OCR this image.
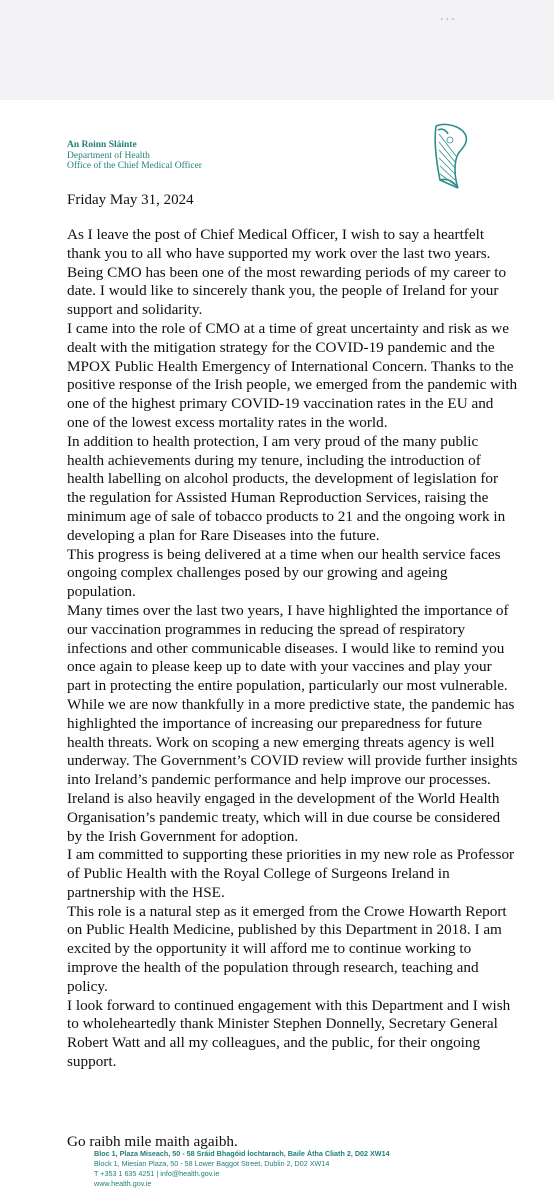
···
An Roinn Sláinte
Department of Health
Office of the Chief Medical Officer
Friday May 31, 2024

As I leave the post of Chief Medical Officer, I wish to say a heartfelt thank you to all who have supported my work over the last two years. Being CMO has been one of the most rewarding periods of my career to date. I would like to sincerely thank you, the people of Ireland for your support and solidarity.

I came into the role of CMO at a time of great uncertainty and risk as we dealt with the mitigation strategy for the COVID-19 pandemic and the MPOX Public Health Emergency of International Concern. Thanks to the positive response of the Irish people, we emerged from the pandemic with one of the highest primary COVID-19 vaccination rates in the EU and one of the lowest excess mortality rates in the world.

In addition to health protection, I am very proud of the many public health achievements during my tenure, including the introduction of health labelling on alcohol products, the development of legislation for the regulation for Assisted Human Reproduction Services, raising the minimum age of sale of tobacco products to 21 and the ongoing work in developing a plan for Rare Diseases into the future.

This progress is being delivered at a time when our health service faces ongoing complex challenges posed by our growing and ageing population.

Many times over the last two years, I have highlighted the importance of our vaccination programmes in reducing the spread of respiratory infections and other communicable diseases. I would like to remind you once again to please keep up to date with your vaccines and play your part in protecting the entire population, particularly our most vulnerable.

While we are now thankfully in a more predictive state, the pandemic has highlighted the importance of increasing our preparedness for future health threats. Work on scoping a new emerging threats agency is well underway. The Government’s COVID review will provide further insights into Ireland’s pandemic performance and help improve our processes. Ireland is also heavily engaged in the development of the World Health Organisation’s pandemic treaty, which will in due course be considered by the Irish Government for adoption.

I am committed to supporting these priorities in my new role as Professor of Public Health with the Royal College of Surgeons Ireland in partnership with the HSE.

This role is a natural step as it emerged from the Crowe Howarth Report on Public Health Medicine, published by this Department in 2018. I am excited by the opportunity it will afford me to continue working to improve the health of the population through research, teaching and policy.

I look forward to continued engagement with this Department and I wish to wholeheartedly thank Minister Stephen Donnelly, Secretary General Robert Watt and all my colleagues, and the public, for their ongoing support.

Go raibh mile maith agaibh.
Bloc 1, Plaza Miseach, 50 - 58 Sráid Bhagóid Íochtarach, Baile Átha Cliath 2, D02 XW14
Block 1, Miesian Plaza, 50 - 58 Lower Baggot Street, Dublin 2, D02 XW14
T +353 1 635 4251 | info@health.gov.ie
www.health.gov.ie
